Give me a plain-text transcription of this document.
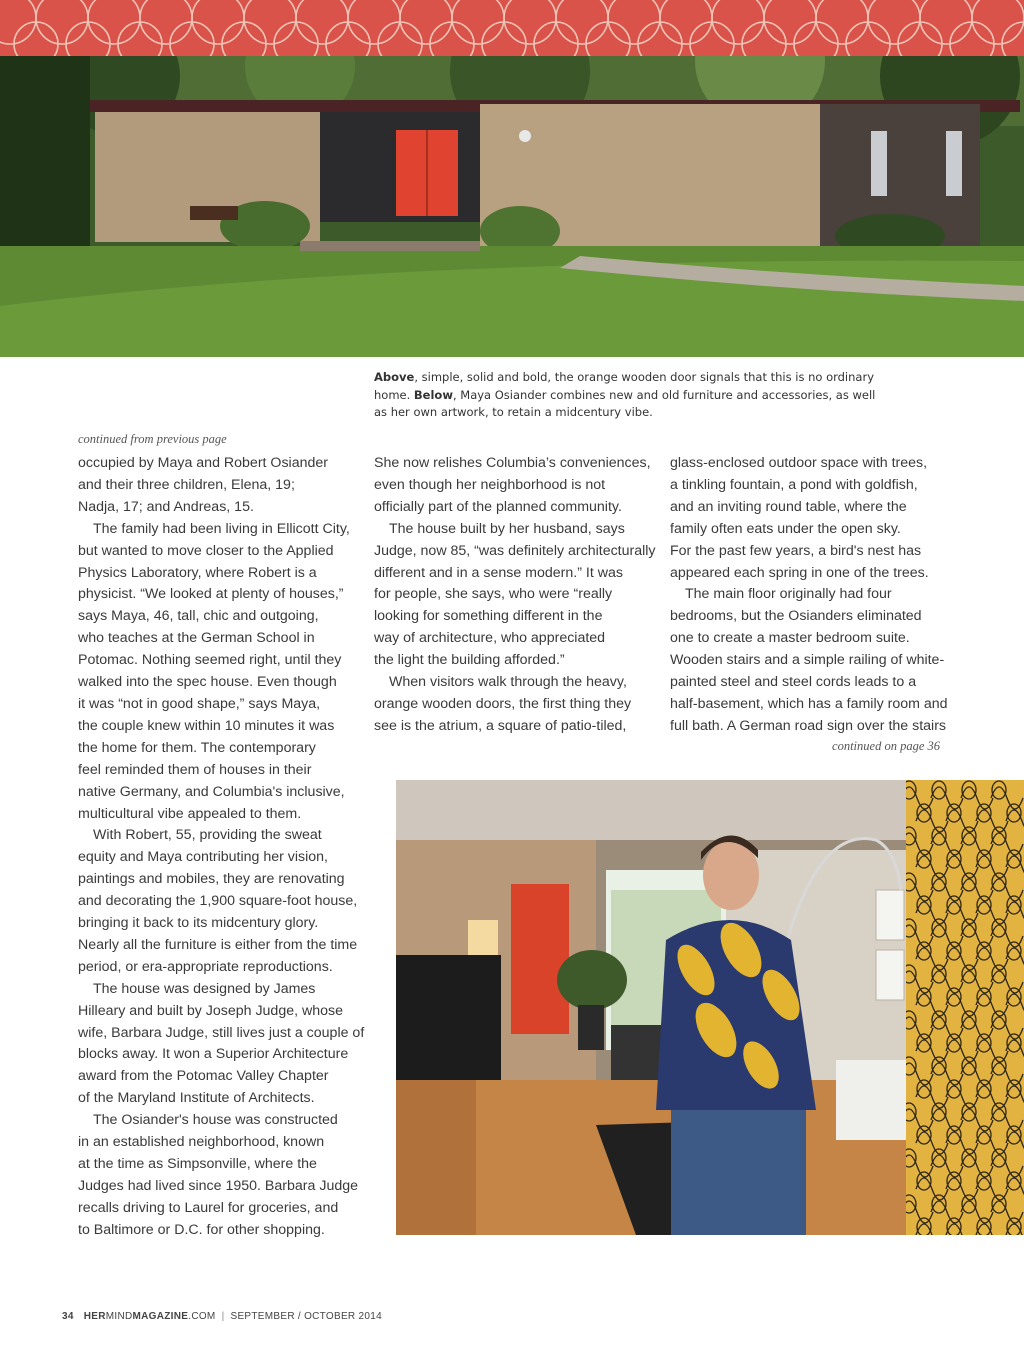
Above, simple, solid and bold, the orange wooden door signals that this is no ordinary home. Below, Maya Osiander combines new and old furniture and accessories, as well as her own artwork, to retain a midcentury vibe.
continued from previous page
occupied by Maya and Robert Osiander
and their three children, Elena, 19;
Nadja, 17; and Andreas, 15.
The family had been living in Ellicott City,
but wanted to move closer to the Applied
Physics Laboratory, where Robert is a
physicist. “We looked at plenty of houses,”
says Maya, 46, tall, chic and outgoing,
who teaches at the German School in
Potomac. Nothing seemed right, until they
walked into the spec house. Even though
it was “not in good shape,” says Maya,
the couple knew within 10 minutes it was
the home for them. The contemporary
feel reminded them of houses in their
native Germany, and Columbia's inclusive,
multicultural vibe appealed to them.
With Robert, 55, providing the sweat
equity and Maya contributing her vision,
paintings and mobiles, they are renovating
and decorating the 1,900 square-foot house,
bringing it back to its midcentury glory.
Nearly all the furniture is either from the time
period, or era-appropriate reproductions.
The house was designed by James
Hilleary and built by Joseph Judge, whose
wife, Barbara Judge, still lives just a couple of
blocks away. It won a Superior Architecture
award from the Potomac Valley Chapter
of the Maryland Institute of Architects.
The Osiander's house was constructed
in an established neighborhood, known
at the time as Simpsonville, where the
Judges had lived since 1950. Barbara Judge
recalls driving to Laurel for groceries, and
to Baltimore or D.C. for other shopping.
She now relishes Columbia’s conveniences,
even though her neighborhood is not
officially part of the planned community.
The house built by her husband, says
Judge, now 85, “was definitely architecturally
different and in a sense modern.” It was
for people, she says, who were “really
looking for something different in the
way of architecture, who appreciated
the light the building afforded.”
When visitors walk through the heavy,
orange wooden doors, the first thing they
see is the atrium, a square of patio-tiled,
glass-enclosed outdoor space with trees,
a tinkling fountain, a pond with goldfish,
and an inviting round table, where the
family often eats under the open sky.
For the past few years, a bird's nest has
appeared each spring in one of the trees.
The main floor originally had four
bedrooms, but the Osianders eliminated
one to create a master bedroom suite.
Wooden stairs and a simple railing of white-
painted steel and steel cords leads to a
half-basement, which has a family room and
full bath. A German road sign over the stairs
continued on page 36
34 HERMINDMAGAZINE.COM | SEPTEMBER / OCTOBER 2014
